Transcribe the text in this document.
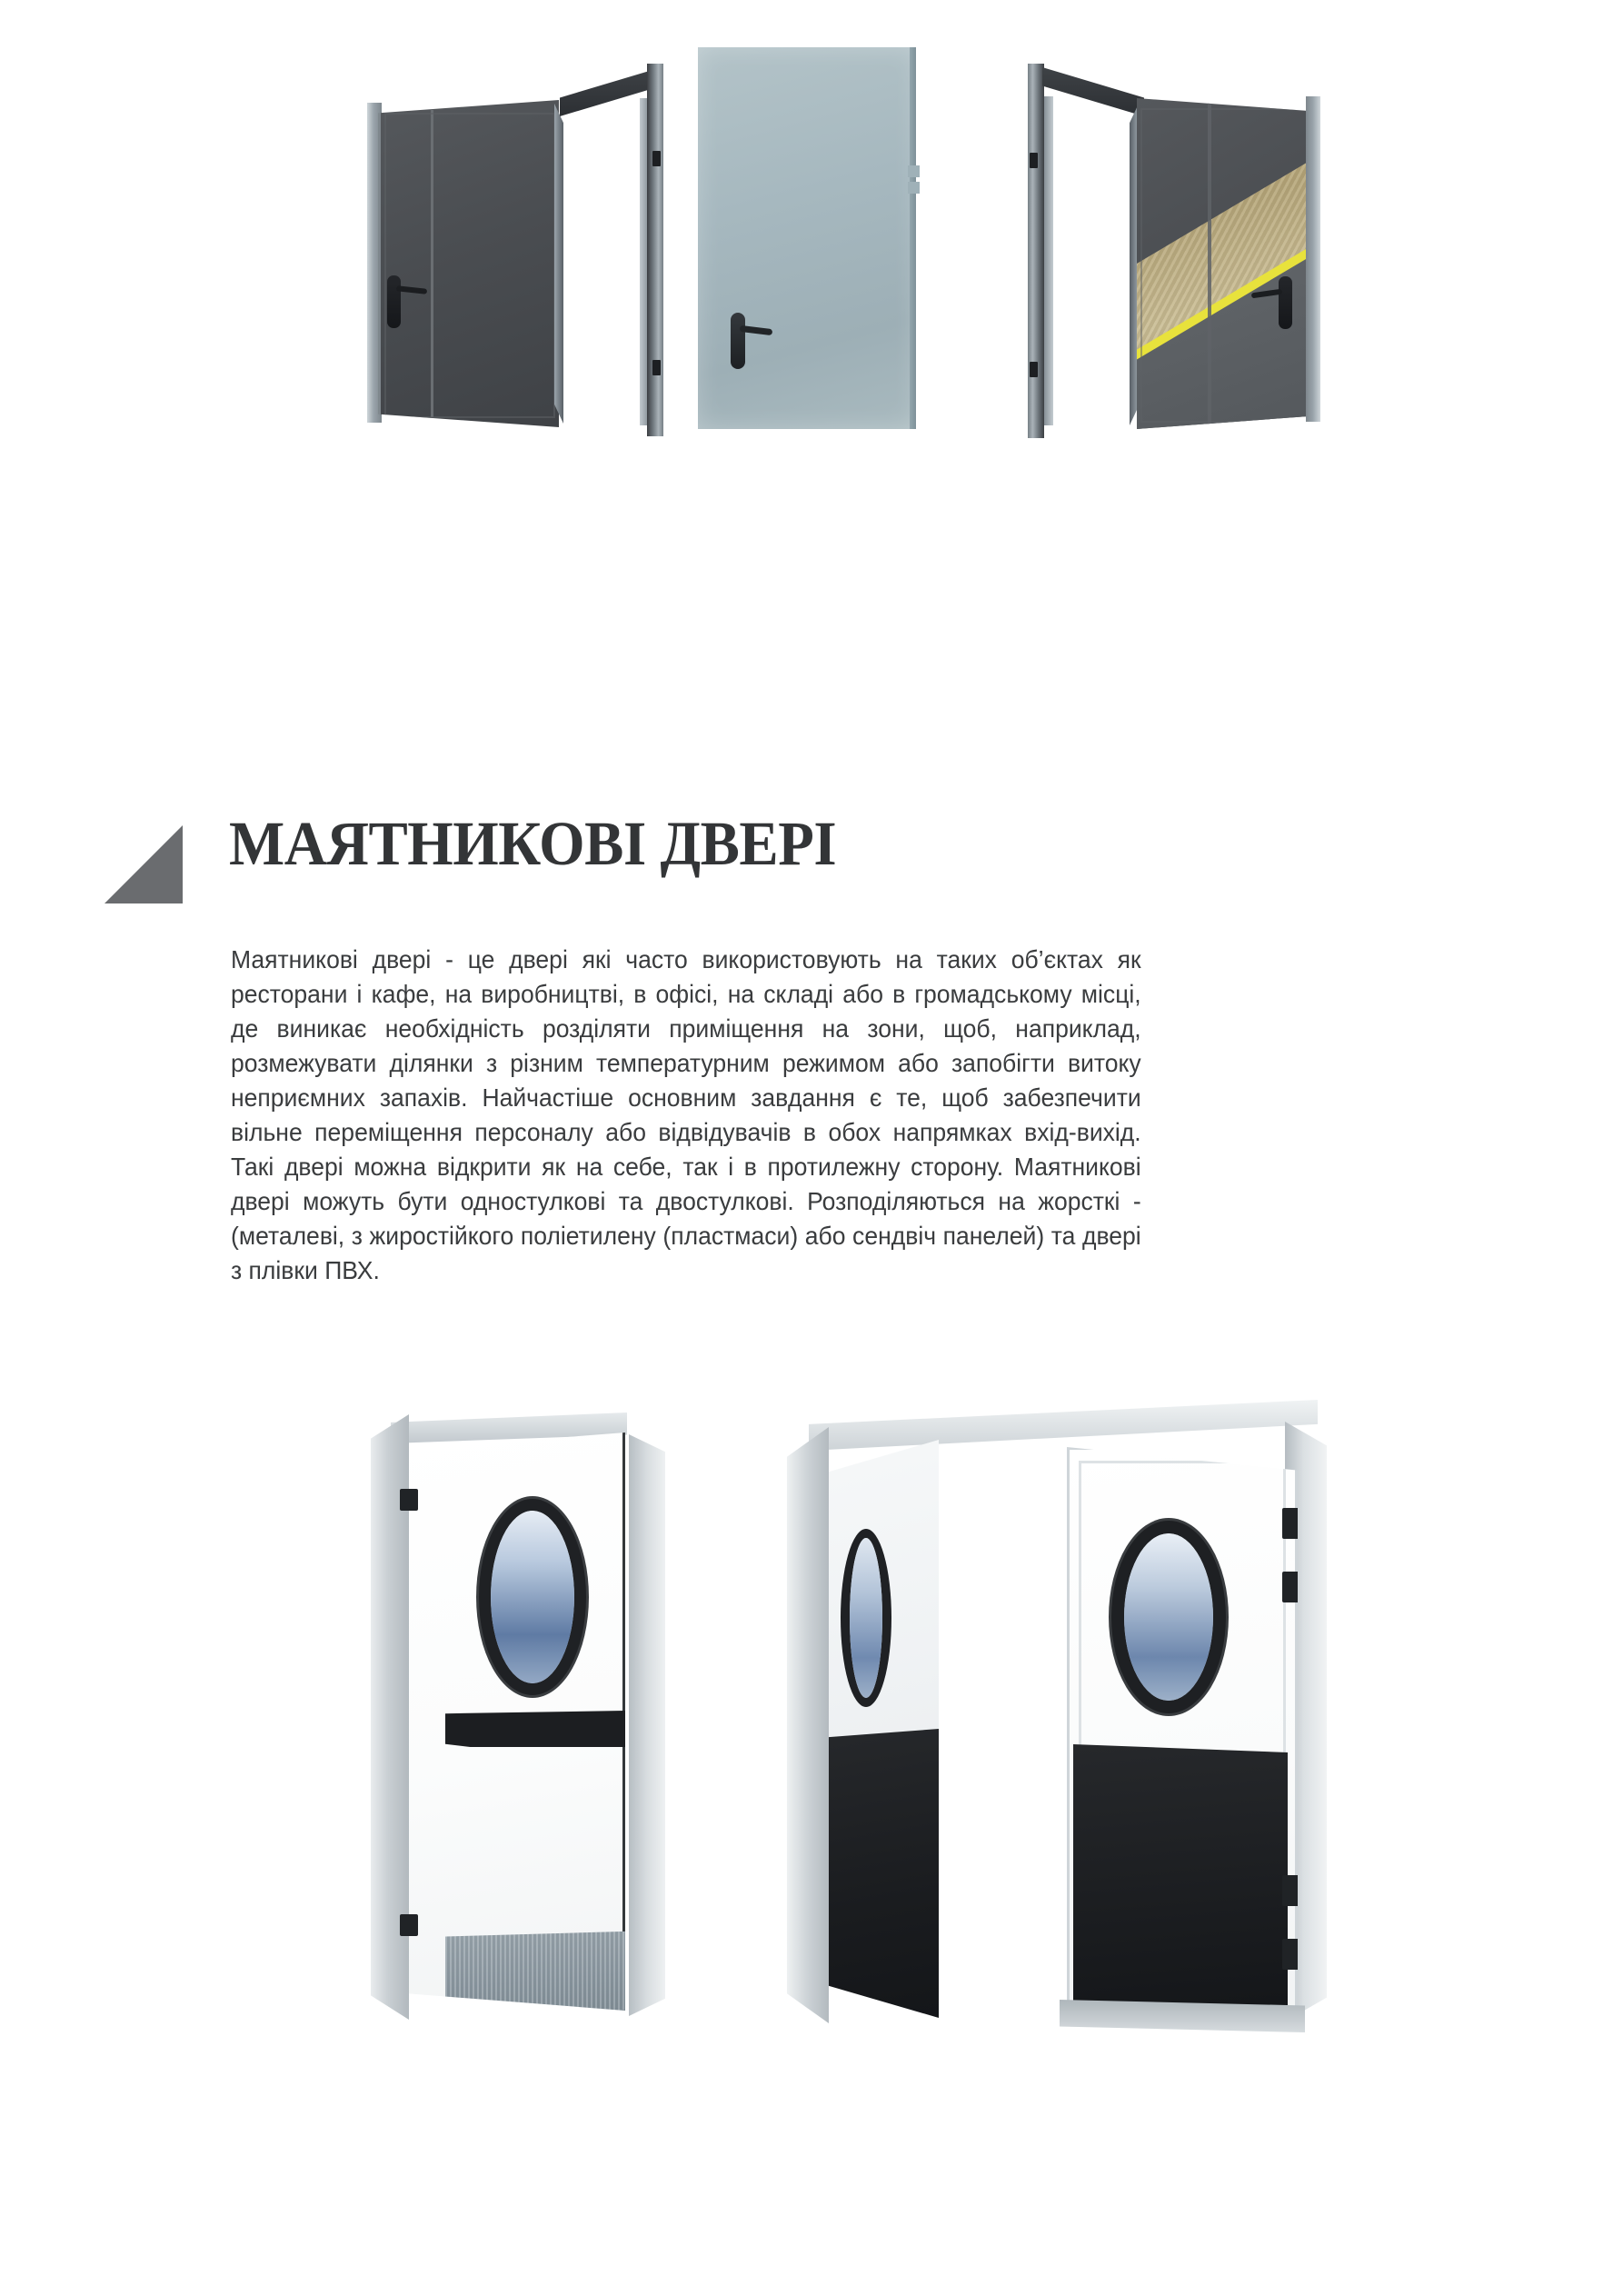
МАЯТНИКОВІ ДВЕРІ
Маятникові двері - це двері які часто використовують на таких об’єктах як ресторани і кафе, на виробництві, в офісі, на складі або в громадському місці, де виникає необхідність розділяти приміщення на зони, щоб, наприклад, розмежувати ділянки з різним температурним режимом або запобігти витоку неприємних запахів. Найчастіше основним завдання є те, щоб забезпечити вільне переміщення персоналу або відвідувачів в обох напрямках вхід-вихід. Такі двері можна відкрити як на себе, так і в протилежну сторону. Маятникові двері можуть бути одностулкові та двостулкові. Розподіляються на жорсткі - (металеві, з жиростійкого поліетилену (пластмаси) або сендвіч панелей) та двері з плівки ПВХ.
